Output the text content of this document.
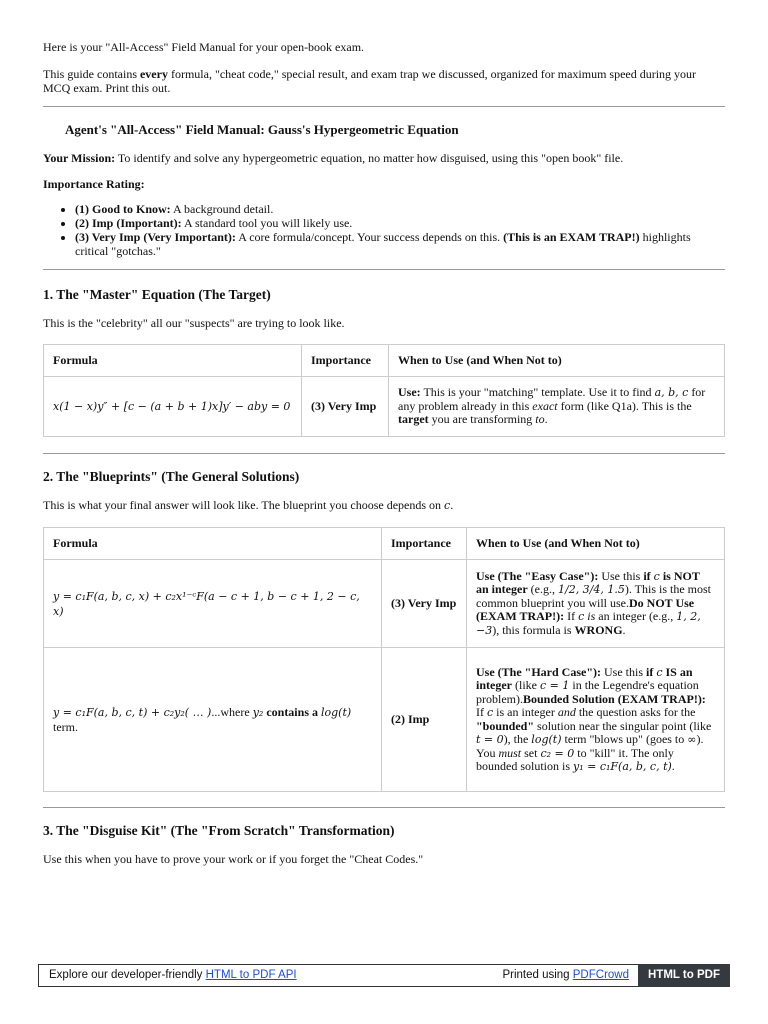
Here is your "All-Access" Field Manual for your open-book exam.

This guide contains every formula, "cheat code," special result, and exam trap we discussed, organized for maximum speed during your MCQ exam. Print this out.

Agent's "All-Access" Field Manual: Gauss's Hypergeometric Equation

Your Mission: To identify and solve any hypergeometric equation, no matter how disguised, using this "open book" file.

Importance Rating:

• (1) Good to Know: A background detail.
• (2) Imp (Important): A standard tool you will likely use.
• (3) Very Imp (Very Important): A core formula/concept. Your success depends on this. (This is an EXAM TRAP!) highlights critical "gotchas."
1. The "Master" Equation (The Target)

This is the "celebrity" all our "suspects" are trying to look like.

Formula	Importance	When to Use (and When Not to)
x(1 − x)y″ + [c − (a + b + 1)x]y′ − aby = 0	(3) Very Imp	Use: This is your "matching" template. Use it to find a, b, c for any problem already in this exact form (like Q1a). This is the target you are transforming to.
2. The "Blueprints" (The General Solutions)

This is what your final answer will look like. The blueprint you choose depends on c.

Formula	Importance	When to Use (and When Not to)
y = c₁F(a, b, c, x) + c₂x¹⁻ᶜF(a − c + 1, b − c + 1, 2 − c, x)	(3) Very Imp	Use (The "Easy Case"): Use this if c is NOT an integer (e.g., 1/2, 3/4, 1.5). This is the most common blueprint you will use.Do NOT Use (EXAM TRAP!): If c is an integer (e.g., 1, 2, −3), this formula is WRONG.
y = c₁F(a, b, c, t) + c₂y₂( … )...where y₂ contains a log(t) term.	(2) Imp	Use (The "Hard Case"): Use this if c IS an integer (like c = 1 in the Legendre's equation problem).Bounded Solution (EXAM TRAP!): If c is an integer and the question asks for the "bounded" solution near the singular point (like t = 0), the log(t) term "blows up" (goes to ∞). You must set c₂ = 0 to "kill" it. The only bounded solution is y₁ = c₁F(a, b, c, t).
3. The "Disguise Kit" (The "From Scratch" Transformation)

Use this when you have to prove your work or if you forget the "Cheat Codes."

Explore our developer-friendly HTML to PDF API	Printed using PDFCrowd	HTML to PDF
